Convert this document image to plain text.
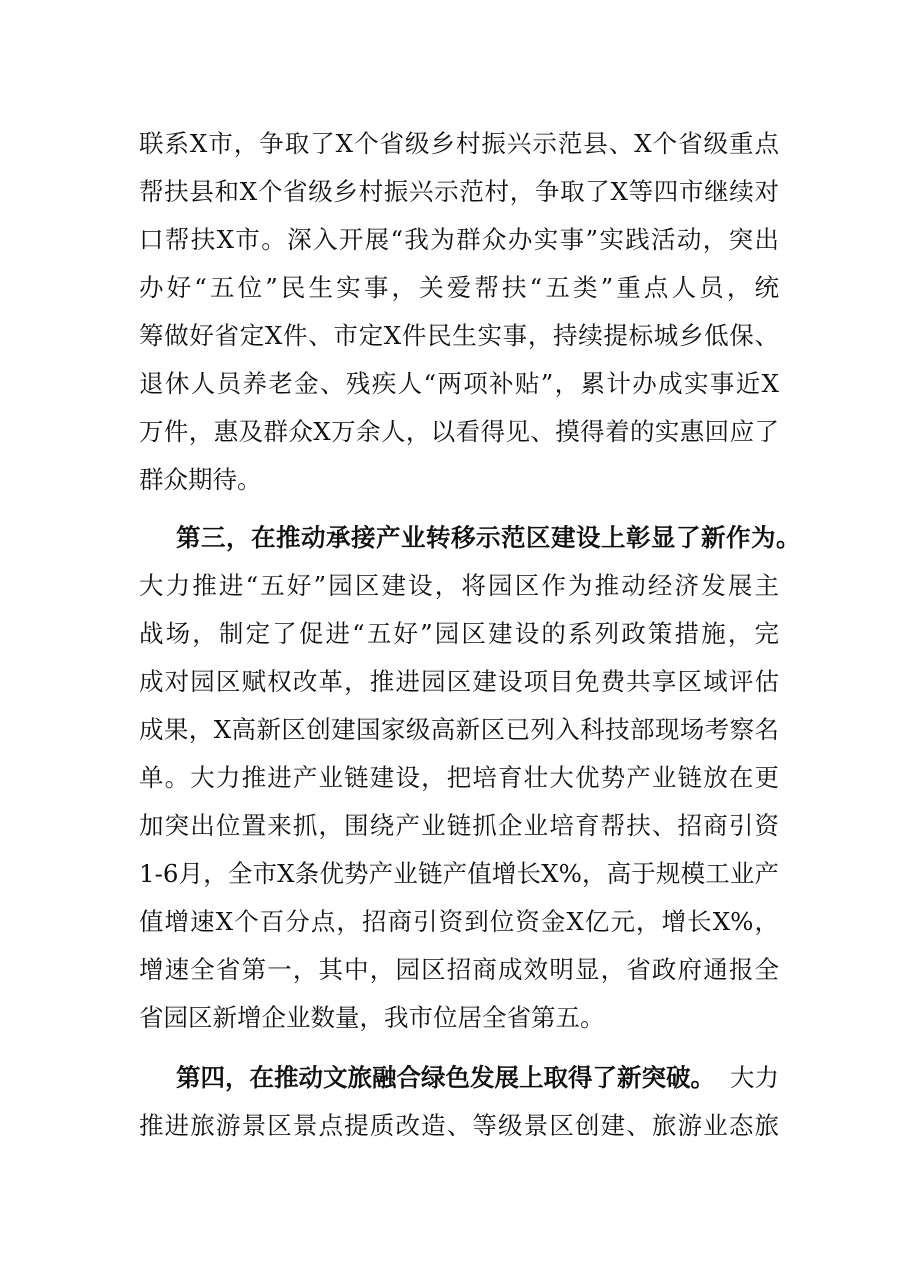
联系X市，争取了X个省级乡村振兴示范县、X个省级重点
帮扶县和X个省级乡村振兴示范村，争取了X等四市继续对
口帮扶X市。深入开展“我为群众办实事”实践活动，突出
办好“五位”民生实事，关爱帮扶“五类”重点人员，统
筹做好省定X件、市定X件民生实事，持续提标城乡低保、
退休人员养老金、残疾人“两项补贴”，累计办成实事近X
万件，惠及群众X万余人，以看得见、摸得着的实惠回应了
群众期待。
第三，在推动承接产业转移示范区建设上彰显了新作为。
大力推进“五好”园区建设，将园区作为推动经济发展主
战场，制定了促进“五好”园区建设的系列政策措施，完
成对园区赋权改革，推进园区建设项目免费共享区域评估
成果，X高新区创建国家级高新区已列入科技部现场考察名
单。大力推进产业链建设，把培育壮大优势产业链放在更
加突出位置来抓，围绕产业链抓企业培育帮扶、招商引资
1-6月，全市X条优势产业链产值增长X%，高于规模工业产
值增速X个百分点，招商引资到位资金X亿元，增长X%，
增速全省第一，其中，园区招商成效明显，省政府通报全
省园区新增企业数量，我市位居全省第五。
第四，在推动文旅融合绿色发展上取得了新突破。 大力
推进旅游景区景点提质改造、等级景区创建、旅游业态旅
